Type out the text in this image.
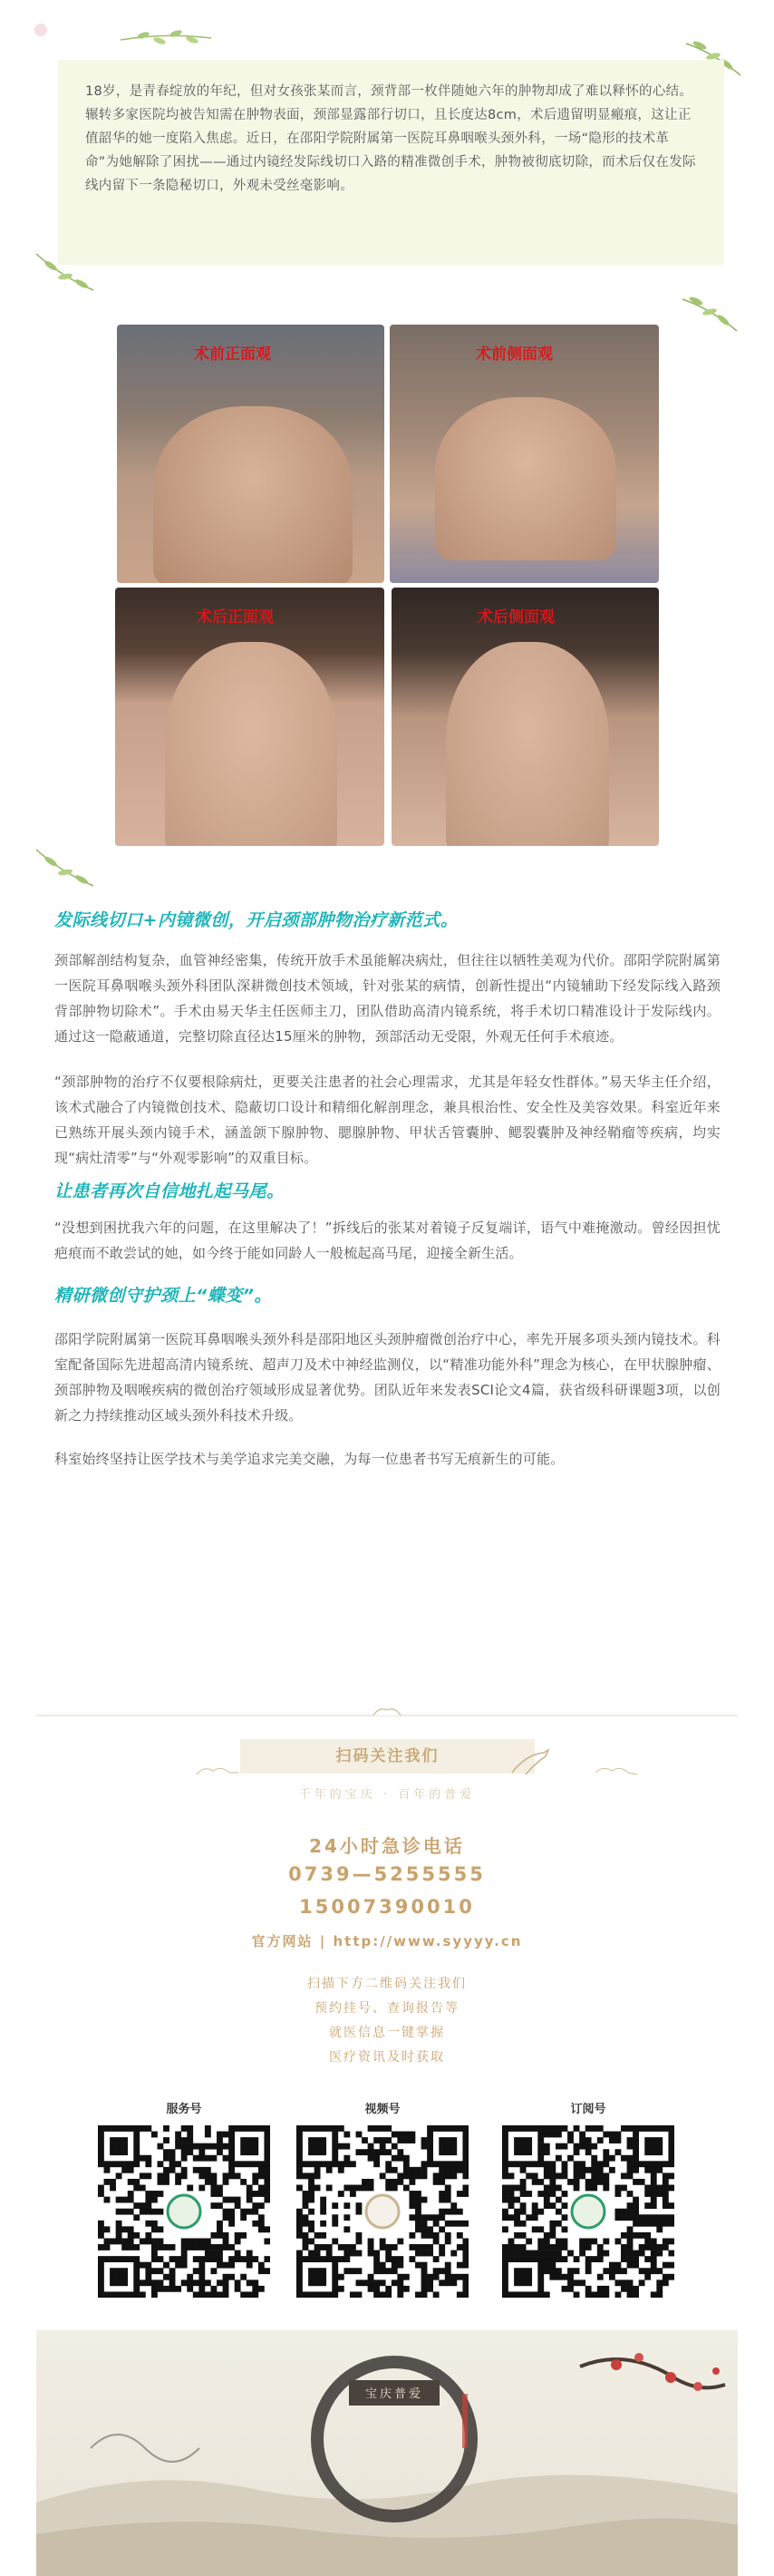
18岁，是青春绽放的年纪，但对女孩张某而言，颈背部一枚伴随她六年的肿物却成了难以释怀的心结。辗转多家医院均被告知需在肿物表面，颈部显露部行切口，且长度达8cm，术后遗留明显瘢痕，这让正值韶华的她一度陷入焦虑。近日，在邵阳学院附属第一医院耳鼻咽喉头颈外科，一场“隐形的技术革命”为她解除了困扰——通过内镜经发际线切口入路的精准微创手术，肿物被彻底切除，而术后仅在发际线内留下一条隐秘切口，外观未受丝毫影响。

术前正面观	术前侧面观
术后正面观	术后侧面观
发际线切口+内镜微创，开启颈部肿物治疗新范式。

颈部解剖结构复杂，血管神经密集，传统开放手术虽能解决病灶，但往往以牺牲美观为代价。邵阳学院附属第一医院耳鼻咽喉头颈外科团队深耕微创技术领域，针对张某的病情，创新性提出“内镜辅助下经发际线入路颈背部肿物切除术”。手术由易天华主任医师主刀，团队借助高清内镜系统，将手术切口精准设计于发际线内。通过这一隐蔽通道，完整切除直径达15厘米的肿物，颈部活动无受限，外观无任何手术痕迹。

“颈部肿物的治疗不仅要根除病灶，更要关注患者的社会心理需求，尤其是年轻女性群体。”易天华主任介绍，该术式融合了内镜微创技术、隐蔽切口设计和精细化解剖理念，兼具根治性、安全性及美容效果。科室近年来已熟练开展头颈内镜手术，涵盖颌下腺肿物、腮腺肿物、甲状舌管囊肿、鳃裂囊肿及神经鞘瘤等疾病，均实现“病灶清零”与“外观零影响”的双重目标。

让患者再次自信地扎起马尾。

“没想到困扰我六年的问题，在这里解决了！”拆线后的张某对着镜子反复端详，语气中难掩激动。曾经因担忧疤痕而不敢尝试的她，如今终于能如同龄人一般梳起高马尾，迎接全新生活。

精研微创守护颈上“蝶变”。

邵阳学院附属第一医院耳鼻咽喉头颈外科是邵阳地区头颈肿瘤微创治疗中心，率先开展多项头颈内镜技术。科室配备国际先进超高清内镜系统、超声刀及术中神经监测仪，以“精准功能外科”理念为核心，在甲状腺肿瘤、颈部肿物及咽喉疾病的微创治疗领域形成显著优势。团队近年来发表SCI论文4篇，获省级科研课题3项，以创新之力持续推动区域头颈外科技术升级。

科室始终坚持让医学技术与美学追求完美交融，为每一位患者书写无痕新生的可能。

扫码关注我们
千年的宝庆 · 百年的普爱
24小时急诊电话
0739—5255555
15007390010
官方网站 | http://www.syyyy.cn
扫描下方二维码关注我们
预约挂号、查询报告等
就医信息一键掌握
医疗资讯及时获取
服务号	视频号	订阅号
宝庆普爱
